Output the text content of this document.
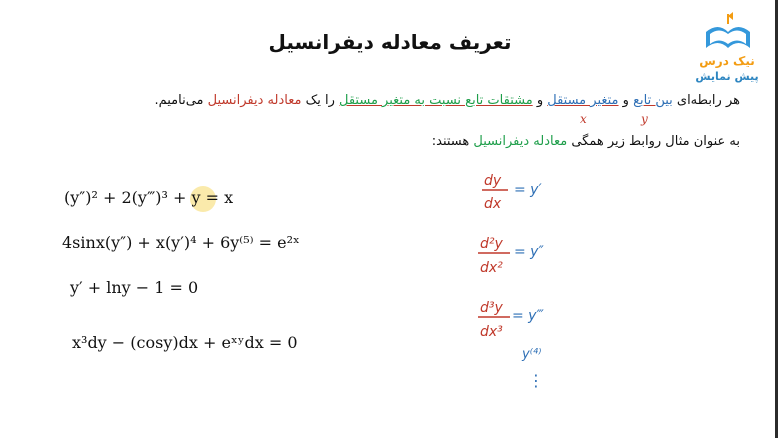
تعریف معادله دیفرانسیل
نیک درس
پیش نمایش
هر رابطه‌ای بین تابع و متغیر مستقل و مشتقات تابع نسبت به متغیر مستقل را یک معادله دیفرانسیل می‌نامیم.
x	y
به عنوان مثال روابط زیر همگی معادله دیفرانسیل هستند:
(y″)² + 2(y‴)³ + y = x
4sinx(y″) + x(y′)⁴ + 6y⁽⁵⁾ = e²ˣ
y′ + lny − 1 = 0
x³dy − (cosy)dx + eˣʸdx = 0
dy
dx
= y′
d²y
dx²
= y″
d³y
dx³
= y‴
y⁽⁴⁾
⋮
